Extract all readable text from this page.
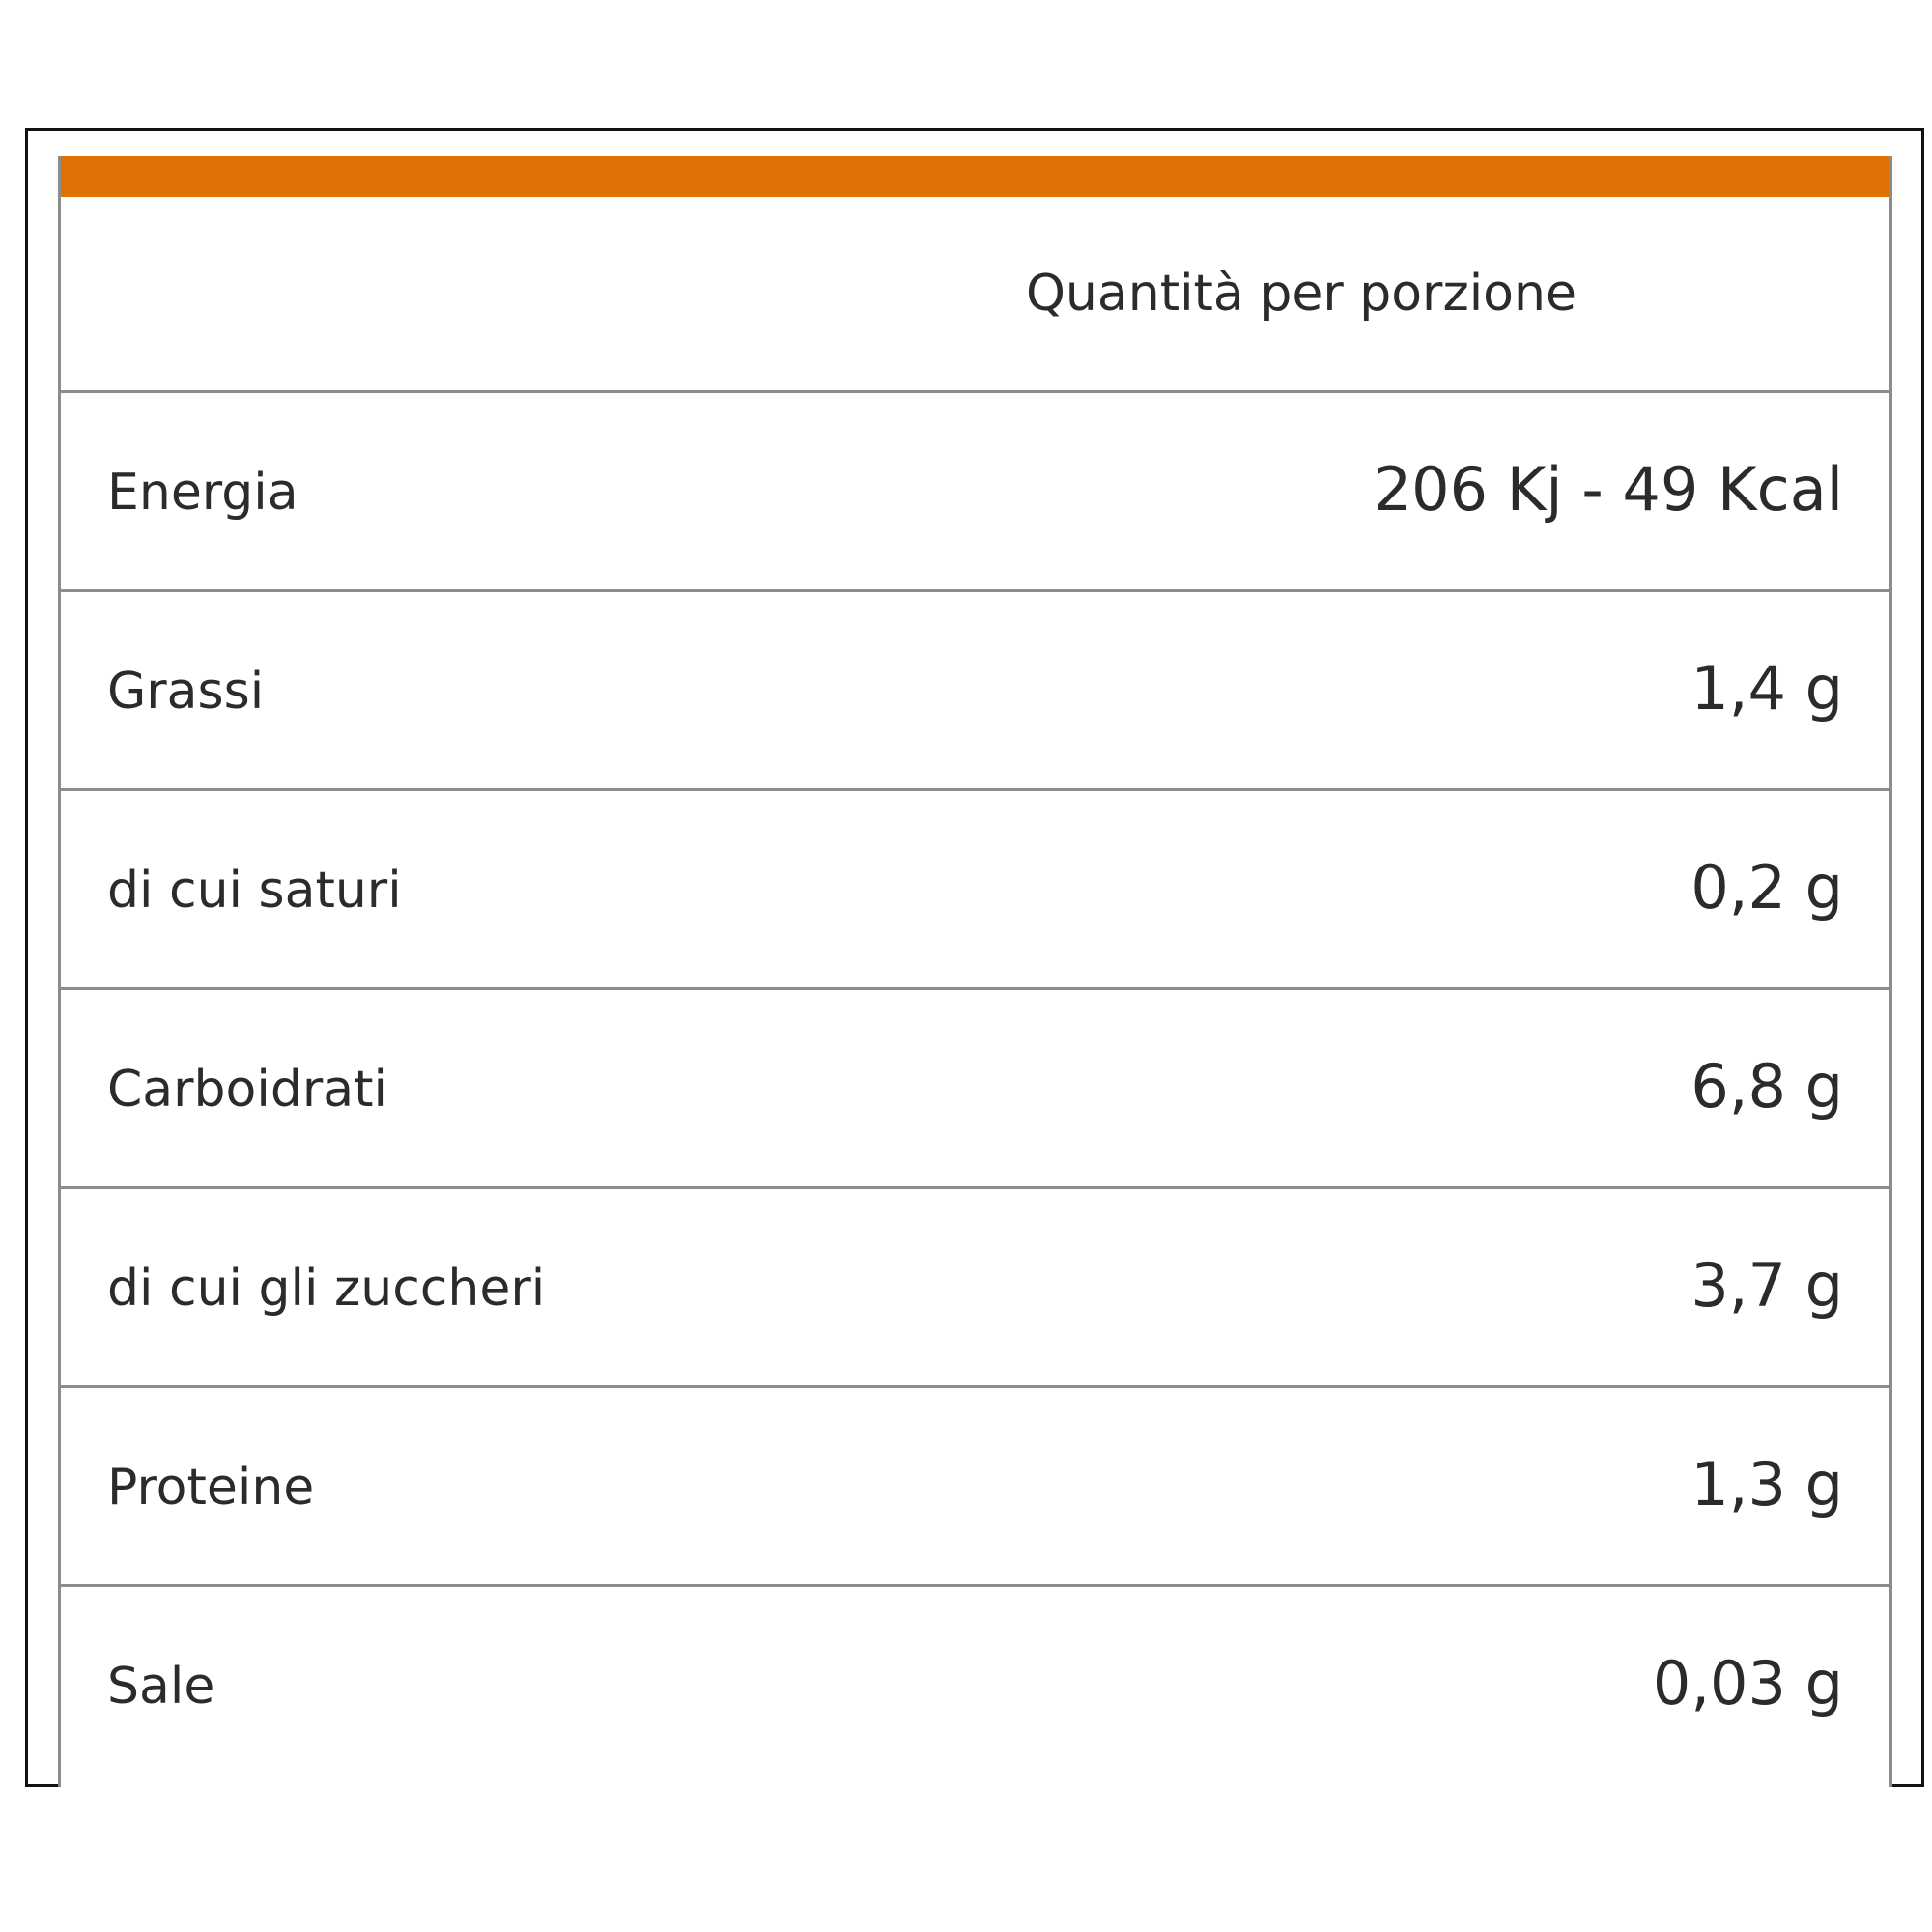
Quantità per porzione
Energia	206 Kj - 49 Kcal
Grassi	1,4 g
di cui saturi	0,2 g
Carboidrati	6,8 g
di cui gli zuccheri	3,7 g
Proteine	1,3 g
Sale	0,03 g
